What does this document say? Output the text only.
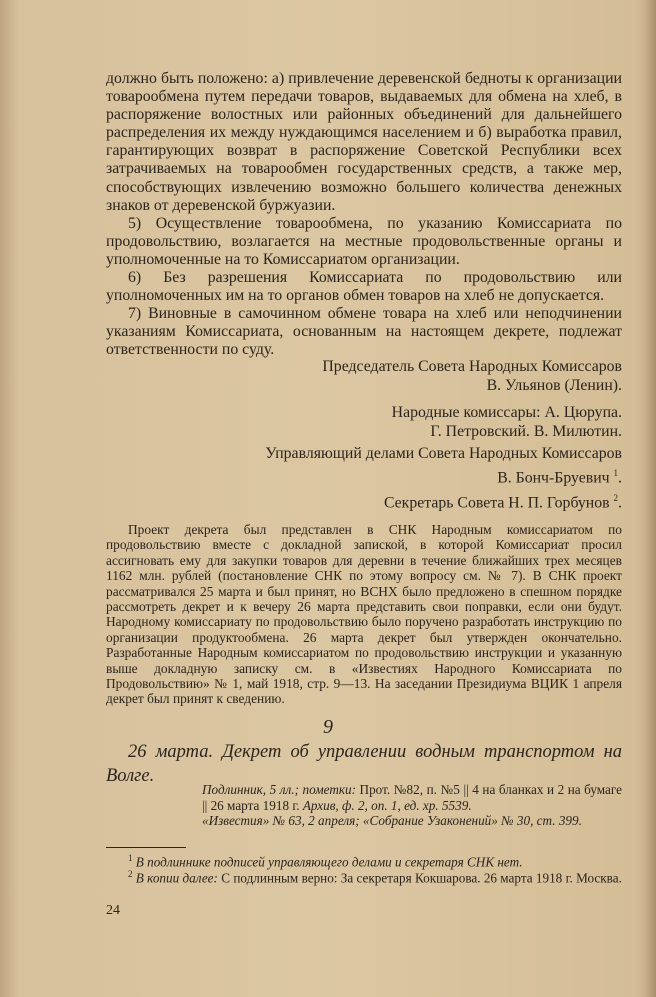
должно быть положено: а) привлечение деревенской бедноты к организации товарообмена путем передачи товаров, выдаваемых для обмена на хлеб, в распоряжение волостных или районных объединений для дальнейшего распределения их между нуждающимся населением и б) выработка правил, гарантирующих возврат в распоряжение Советской Республики всех затрачиваемых на товарообмен государственных средств, а также мер, способствующих извлечению возможно большего количества денежных знаков от деревенской буржуазии.

5) Осуществление товарообмена, по указанию Комиссариата по продовольствию, возлагается на местные продовольственные органы и уполномоченные на то Комиссариатом организации.

6) Без разрешения Комиссариата по продовольствию или уполномоченных им на то органов обмен товаров на хлеб не допускается.

7) Виновные в самочинном обмене товара на хлеб или неподчинении указаниям Комиссариата, основанным на настоящем декрете, подлежат ответственности по суду.

Председатель Совета Народных Комиссаров
В. Ульянов (Ленин).
Народные комиссары: А. Цюрупа.
Г. Петровский. В. Милютин.
Управляющий делами Совета Народных Комиссаров
В. Бонч-Бруевич $^1$.
Секретарь Совета Н. П. Горбунов $^2$.
Проект декрета был представлен в СНК Народным комиссариатом по продовольствию вместе с докладной запиской, в которой Комиссариат просил ассигновать ему для закупки товаров для деревни в течение ближайших трех месяцев 1162 млн. рублей (постановление СНК по этому вопросу см. № 7). В СНК проект рассматривался 25 марта и был принят, но ВСНХ было предложено в спешном порядке рассмотреть декрет и к вечеру 26 марта представить свои поправки, если они будут. Народному комиссариату по продовольствию было поручено разработать инструкцию по организации продуктообмена. 26 марта декрет был утвержден окончательно. Разработанные Народным комиссариатом по продовольствию инструкции и указанную выше докладную записку см. в «Известиях Народного Комиссариата по Продовольствию» № 1, май 1918, стр. 9—13. На заседании Президиума ВЦИК 1 апреля декрет был принят к сведению.
9
26 марта. Декрет об управлении водным транспортом на Волге.
Подлинник, 5 лл.; пометки: Прот. №82, п. №5 || 4 на бланках и 2 на бумаге || 26 марта 1918 г. Архив, ф. 2, оп. 1, ед. хр. 5539.
«Известия» № 63, 2 апреля; «Собрание Узаконений» № 30, ст. 399.
$^1$ В подлиннике подписей управляющего делами и секретаря СНК нет.
$^2$ В копии далее: С подлинным верно: За секретаря Кокшарова. 26 марта 1918 г. Москва.
24
